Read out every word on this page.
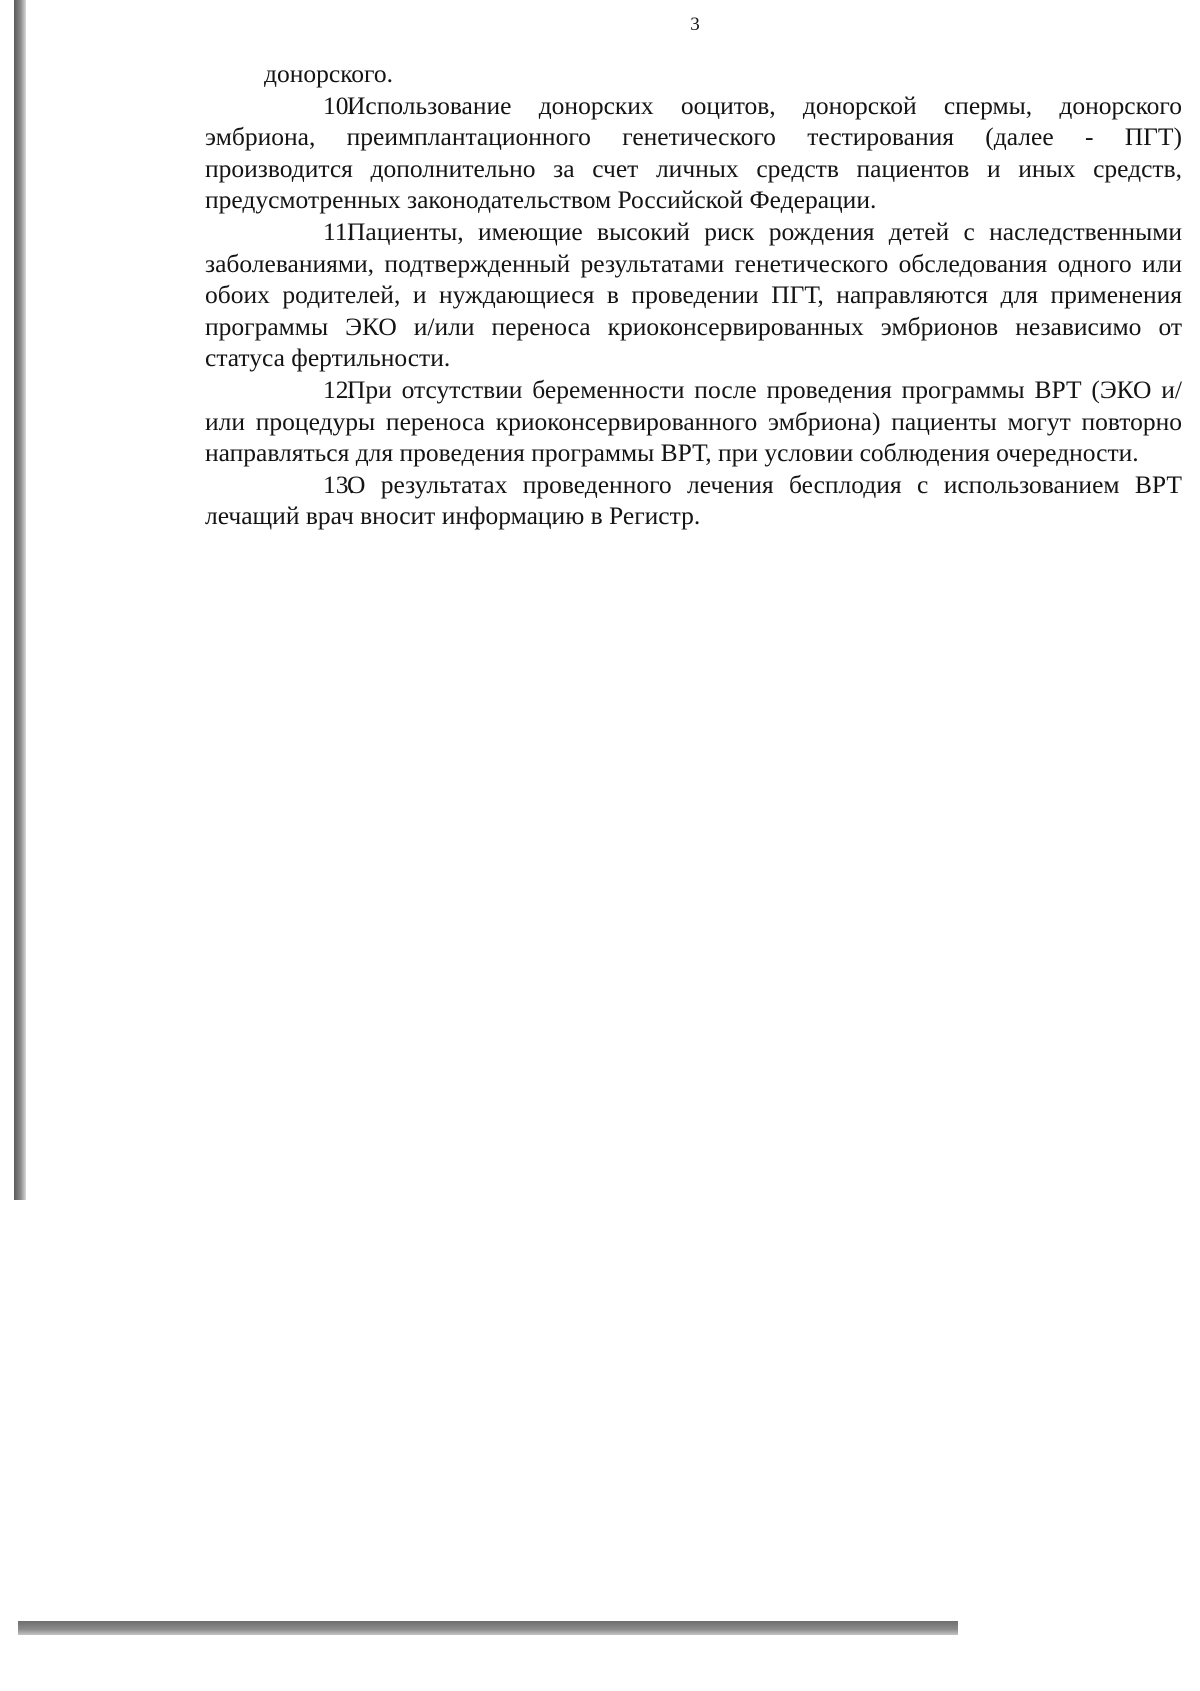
3

донорского.

10.Использование донорских ооцитов, донорской спермы, донорского эмбриона, преимплантационного генетического тестирования (далее - ПГТ) производится дополнительно за счет личных средств пациентов и иных средств, предусмотренных законодательством Российской Федерации.

11.Пациенты, имеющие высокий риск рождения детей с наследственными заболеваниями, подтвержденный результатами генетического обследования одного или обоих родителей, и нуждающиеся в проведении ПГТ, направляются для применения программы ЭКО и/или переноса криоконсервированных эмбрионов независимо от статуса фертильности.

12.При отсутствии беременности после проведения программы ВРТ (ЭКО и/или процедуры переноса криоконсервированного эмбриона) пациенты могут повторно направляться для проведения программы ВРТ, при условии соблюдения очередности.

13.О результатах проведенного лечения бесплодия с использованием ВРТ лечащий врач вносит информацию в Регистр.
